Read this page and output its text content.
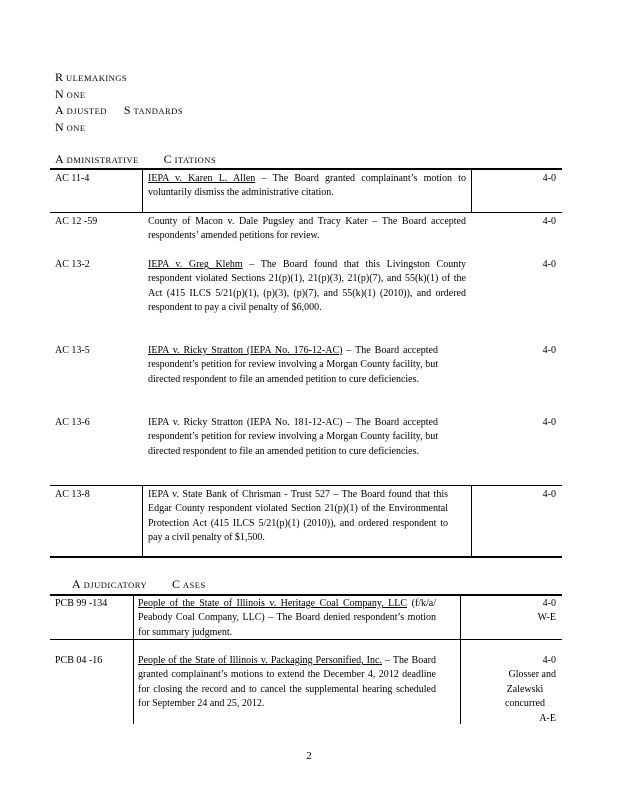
R ULEMAKINGS
N ONE
A DJUSTED S TANDARDS
N ONE
A DMINISTRATIVE C ITATIONS
AC 11-4	IEPA v. Karen L. Allen – The Board granted complainant’s motion to voluntarily dismiss the administrative citation.
4-0
AC 12 -59	County of Macon v. Dale Pugsley and Tracy Kater – The Board accepted respondents’ amended petitions for review.
4-0
AC 13-2	IEPA v. Greg Klehm – The Board found that this Livingston County respondent violated Sections 21(p)(1), 21(p)(3), 21(p)(7), and 55(k)(1) of the Act (415 ILCS 5/21(p)(1), (p)(3), (p)(7), and 55(k)(1) (2010)), and ordered respondent to pay a civil penalty of $6,000.
4-0
AC 13-5	IEPA v. Ricky Stratton (IEPA No. 176-12-AC) – The Board accepted respondent’s petition for review involving a Morgan County facility, but directed respondent to file an amended petition to cure deficiencies.
4-0
AC 13-6	IEPA v. Ricky Stratton (IEPA No. 181-12-AC) – The Board accepted respondent’s petition for review involving a Morgan County facility, but directed respondent to file an amended petition to cure deficiencies.
4-0
AC 13-8	IEPA v. State Bank of Chrisman - Trust 527 – The Board found that this Edgar County respondent violated Section 21(p)(1) of the Environmental Protection Act (415 ILCS 5/21(p)(1) (2010)), and ordered respondent to pay a civil penalty of $1,500.
4-0
A DJUDICATORY C ASES
PCB 99 -134	People of the State of Illinois v. Heritage Coal Company, LLC (f/k/a/ Peabody Coal Company, LLC) – The Board denied respondent’s motion for summary judgment.
4-0
W-E
PCB 04 -16	People of the State of Illinois v. Packaging Personified, Inc. – The Board granted complainant’s motions to extend the December 4, 2012 deadline for closing the record and to cancel the supplemental hearing scheduled for September 24 and 25, 2012.
4-0
Glosser and
Zalewski
concurred
A-E
2
